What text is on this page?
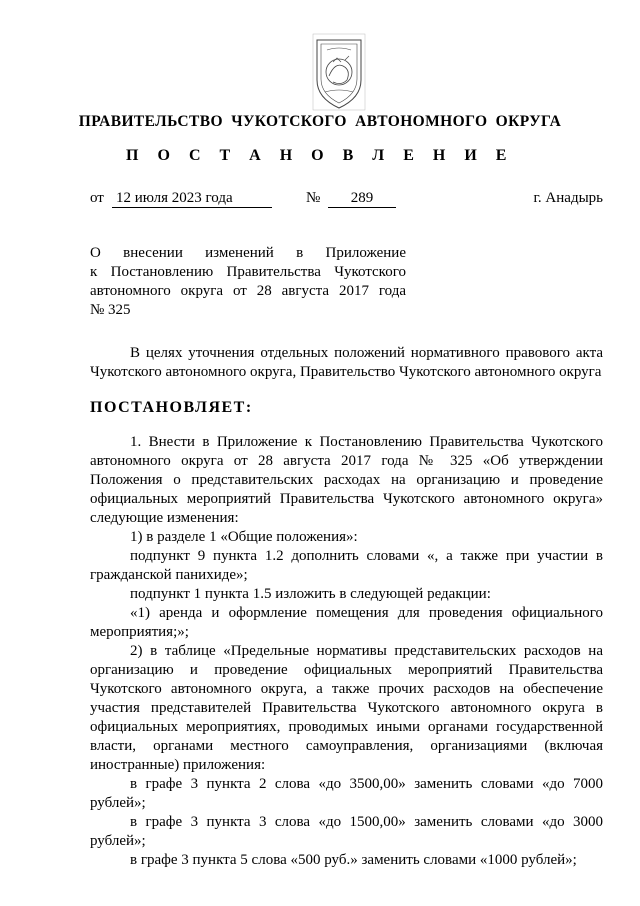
ПРАВИТЕЛЬСТВО ЧУКОТСКОГО АВТОНОМНОГО ОКРУГА
П О С Т А Н О В Л Е Н И Е
от 12 июля 2023 года	№	289	г. Анадырь
О внесении изменений в Приложение
к Постановлению Правительства Чукотского
автономного округа от 28 августа 2017 года
№ 325

В целях уточнения отдельных положений нормативного правового акта Чукотского автономного округа, Правительство Чукотского автономного округа

ПОСТАНОВЛЯЕТ:

1. Внести в Приложение к Постановлению Правительства Чукотского автономного округа от 28 августа 2017 года № 325 «Об утверждении Положения о представительских расходах на организацию и проведение официальных мероприятий Правительства Чукотского автономного округа» следующие изменения:

1) в разделе 1 «Общие положения»:

подпункт 9 пункта 1.2 дополнить словами «, а также при участии в гражданской панихиде»;

подпункт 1 пункта 1.5 изложить в следующей редакции:

«1) аренда и оформление помещения для проведения официального мероприятия;»;

2) в таблице «Предельные нормативы представительских расходов на организацию и проведение официальных мероприятий Правительства Чукотского автономного округа, а также прочих расходов на обеспечение участия представителей Правительства Чукотского автономного округа в официальных мероприятиях, проводимых иными органами государственной власти, органами местного самоуправления, организациями (включая иностранные) приложения:

в графе 3 пункта 2 слова «до 3500,00» заменить словами «до 7000 рублей»;

в графе 3 пункта 3 слова «до 1500,00» заменить словами «до 3000 рублей»;

в графе 3 пункта 5 слова «500 руб.» заменить словами «1000 рублей»;
